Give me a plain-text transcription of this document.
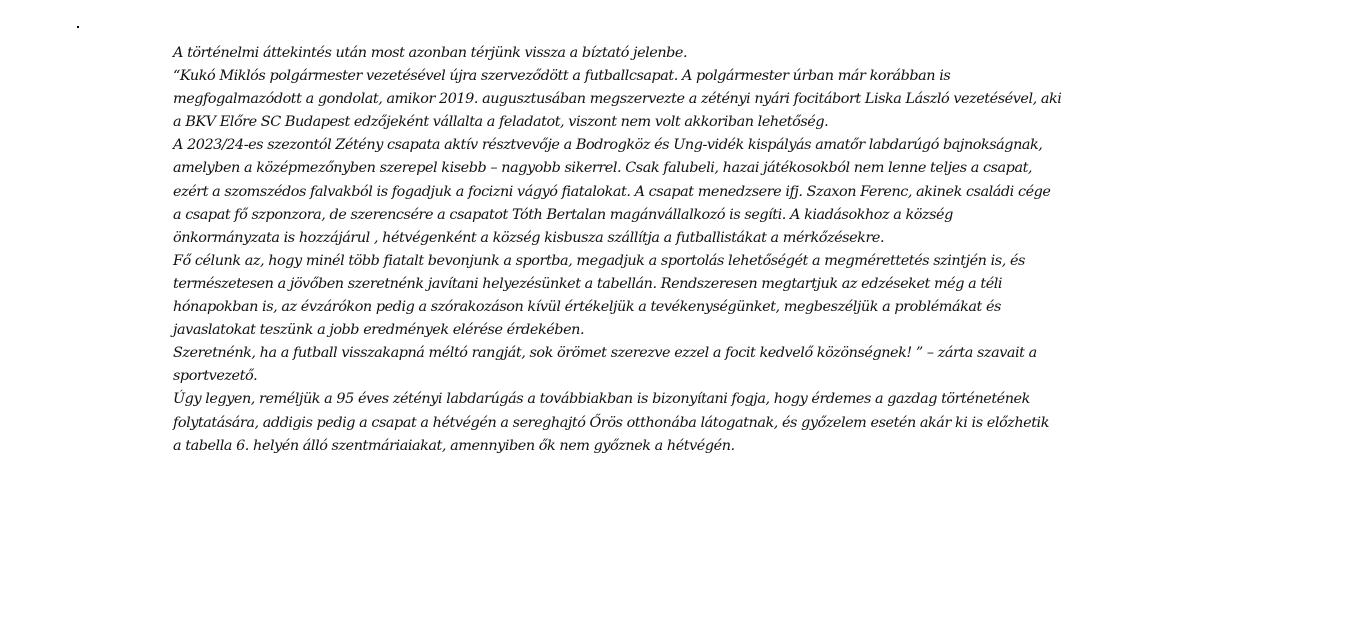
A történelmi áttekintés után most azonban térjünk vissza a bíztató jelenbe.
“Kukó Miklós polgármester vezetésével újra szerveződött a futballcsapat. A polgármester úrban már korábban is
megfogalmazódott a gondolat, amikor 2019. augusztusában megszervezte a zétényi nyári focitábort Liska László vezetésével, aki
a BKV Előre SC Budapest edzőjeként vállalta a feladatot, viszont nem volt akkoriban lehetőség.
A 2023/24-es szezontól Zétény csapata aktív résztvevője a Bodrogköz és Ung-vidék kispályás amatőr labdarúgó bajnokságnak,
amelyben a középmezőnyben szerepel kisebb – nagyobb sikerrel. Csak falubeli, hazai játékosokból nem lenne teljes a csapat,
ezért a szomszédos falvakból is fogadjuk a focizni vágyó fiatalokat. A csapat menedzsere ifj. Szaxon Ferenc, akinek családi cége
a csapat fő szponzora, de szerencsére a csapatot Tóth Bertalan magánvállalkozó is segíti. A kiadásokhoz a község
önkormányzata is hozzájárul , hétvégenként a község kisbusza szállítja a futballistákat a mérkőzésekre.
Fő célunk az, hogy minél több fiatalt bevonjunk a sportba, megadjuk a sportolás lehetőségét a megmérettetés szintjén is, és
természetesen a jövőben szeretnénk javítani helyezésünket a tabellán. Rendszeresen megtartjuk az edzéseket még a téli
hónapokban is, az évzárókon pedig a szórakozáson kívül értékeljük a tevékenységünket, megbeszéljük a problémákat és
javaslatokat teszünk a jobb eredmények elérése érdekében.
Szeretnénk, ha a futball visszakapná méltó rangját, sok örömet szerezve ezzel a focit kedvelő közönségnek! ” – zárta szavait a
sportvezető.
Úgy legyen, reméljük a 95 éves zétényi labdarúgás a továbbiakban is bizonyítani fogja, hogy érdemes a gazdag történetének
folytatására, addigis pedig a csapat a hétvégén a sereghajtó Őrös otthonába látogatnak, és győzelem esetén akár ki is előzhetik
a tabella 6. helyén álló szentmáriaiakat, amennyiben ők nem győznek a hétvégén.
